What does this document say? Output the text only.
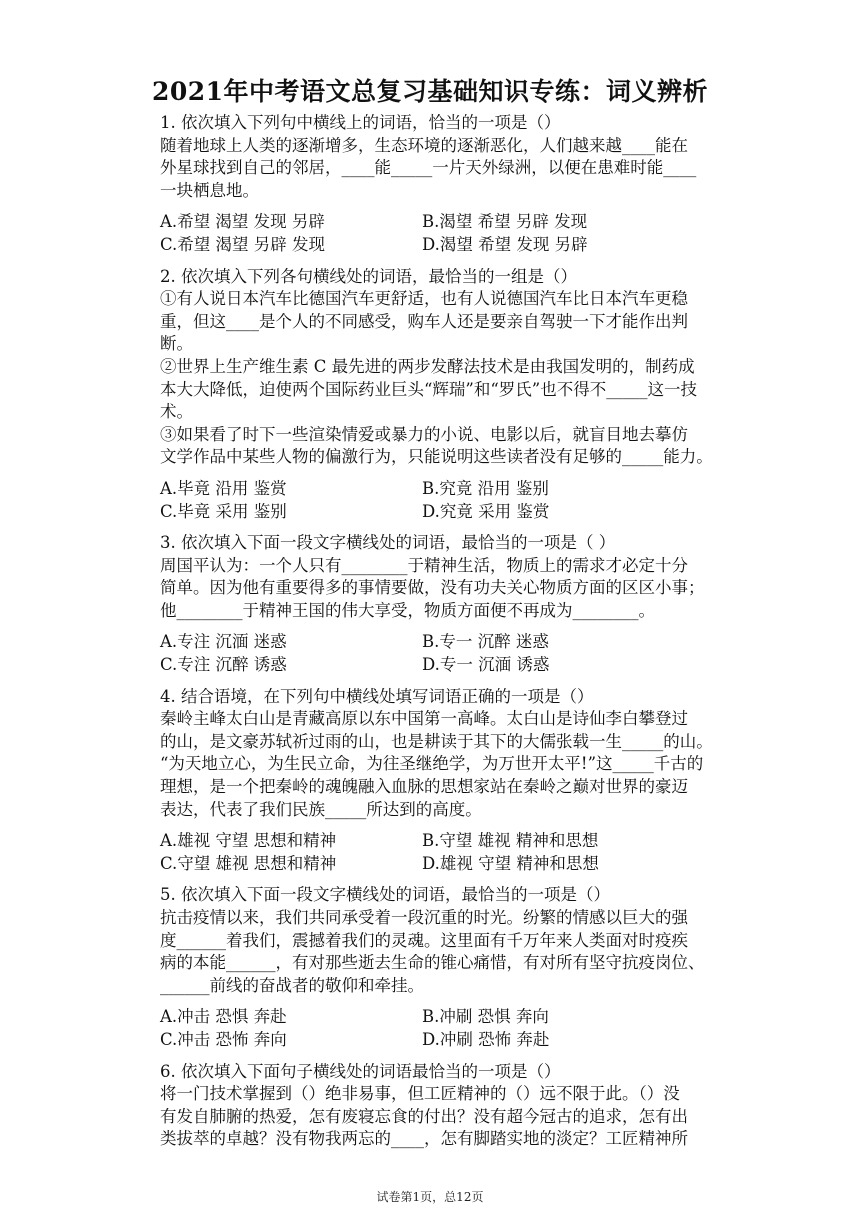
2021年中考语文总复习基础知识专练：词义辨析
1. 依次填入下列句中横线上的词语，恰当的一项是（）
随着地球上人类的逐渐增多，生态环境的逐渐恶化，人们越来越____能在
外星球找到自己的邻居，____能_____一片天外绿洲，以便在患难时能____
一块栖息地。
A.希望 渴望 发现 另辟	B.渴望 希望 另辟 发现
C.希望 渴望 另辟 发现	D.渴望 希望 发现 另辟
2. 依次填入下列各句横线处的词语，最恰当的一组是（）
①有人说日本汽车比德国汽车更舒适，也有人说德国汽车比日本汽车更稳
重，但这____是个人的不同感受，购车人还是要亲自驾驶一下才能作出判
断。
②世界上生产维生素 C 最先进的两步发酵法技术是由我国发明的，制药成
本大大降低，迫使两个国际药业巨头“辉瑞”和“罗氏”也不得不_____这一技
术。
③如果看了时下一些渲染情爱或暴力的小说、电影以后，就盲目地去摹仿
文学作品中某些人物的偏激行为，只能说明这些读者没有足够的_____能力。
A.毕竟 沿用 鉴赏	B.究竟 沿用 鉴别
C.毕竟 采用 鉴别	D.究竟 采用 鉴赏
3. 依次填入下面一段文字横线处的词语，最恰当的一项是（ ）
周国平认为：一个人只有________于精神生活，物质上的需求才必定十分
简单。因为他有重要得多的事情要做，没有功夫关心物质方面的区区小事；
他________于精神王国的伟大享受，物质方面便不再成为________。
A.专注 沉湎 迷惑	B.专一 沉醉 迷惑
C.专注 沉醉 诱惑	D.专一 沉湎 诱惑
4. 结合语境，在下列句中横线处填写词语正确的一项是（）
秦岭主峰太白山是青藏高原以东中国第一高峰。太白山是诗仙李白攀登过
的山，是文豪苏轼祈过雨的山，也是耕读于其下的大儒张载一生_____的山。
“为天地立心，为生民立命，为往圣继绝学，为万世开太平!”这_____千古的
理想，是一个把秦岭的魂魄融入血脉的思想家站在秦岭之巅对世界的豪迈
表达，代表了我们民族_____所达到的高度。
A.雄视 守望 思想和精神	B.守望 雄视 精神和思想
C.守望 雄视 思想和精神	D.雄视 守望 精神和思想
5. 依次填入下面一段文字横线处的词语，最恰当的一项是（）
抗击疫情以来，我们共同承受着一段沉重的时光。纷繁的情感以巨大的强
度______着我们，震撼着我们的灵魂。这里面有千万年来人类面对时疫疾
病的本能______，有对那些逝去生命的锥心痛惜，有对所有坚守抗疫岗位、
______前线的奋战者的敬仰和牵挂。
A.冲击 恐惧 奔赴	B.冲刷 恐惧 奔向
C.冲击 恐怖 奔向	D.冲刷 恐怖 奔赴
6. 依次填入下面句子横线处的词语最恰当的一项是（）
将一门技术掌握到（）绝非易事，但工匠精神的（）远不限于此。（）没
有发自肺腑的热爱，怎有废寝忘食的付出？没有超今冠古的追求，怎有出
类拔萃的卓越？没有物我两忘的____，怎有脚踏实地的淡定？工匠精神所
试卷第1页，总12页
